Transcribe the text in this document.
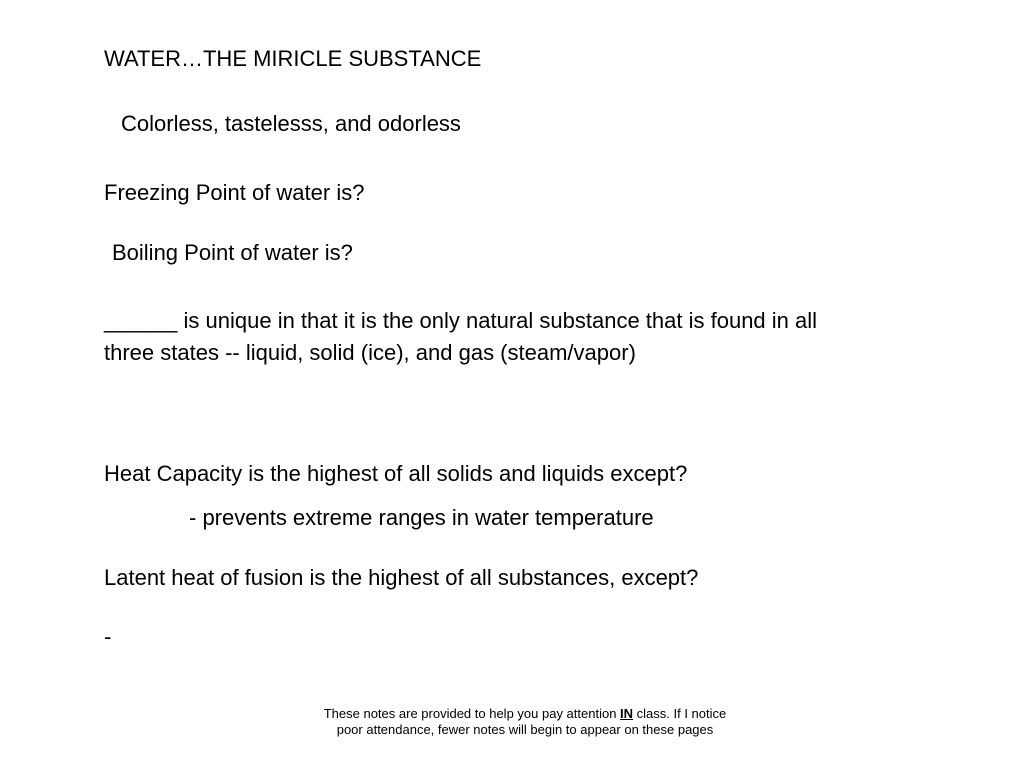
WATER…THE MIRICLE SUBSTANCE
Colorless, tastelesss, and odorless
Freezing Point of water is?
Boiling Point of water is?
______ is unique in that it is the only natural substance that is found in all
three states -- liquid, solid (ice), and gas (steam/vapor)
Heat Capacity is the highest of all solids and liquids except?
- prevents extreme ranges in water temperature
Latent heat of fusion is the highest of all substances, except?
-
These notes are provided to help you pay attention IN class. If I notice
poor attendance, fewer notes will begin to appear on these pages
